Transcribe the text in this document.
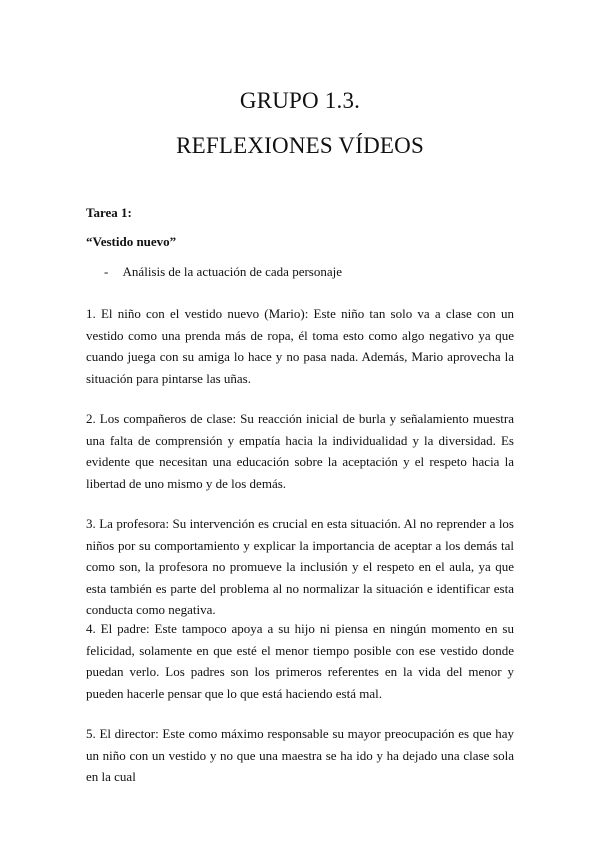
GRUPO 1.3.
REFLEXIONES VÍDEOS
Tarea 1:
“Vestido nuevo”
- Análisis de la actuación de cada personaje

1. El niño con el vestido nuevo (Mario): Este niño tan solo va a clase con un vestido como una prenda más de ropa, él toma esto como algo negativo ya que cuando juega con su amiga lo hace y no pasa nada. Además, Mario aprovecha la situación para pintarse las uñas.

2. Los compañeros de clase: Su reacción inicial de burla y señalamiento muestra una falta de comprensión y empatía hacia la individualidad y la diversidad. Es evidente que necesitan una educación sobre la aceptación y el respeto hacia la libertad de uno mismo y de los demás.

3. La profesora: Su intervención es crucial en esta situación. Al no reprender a los niños por su comportamiento y explicar la importancia de aceptar a los demás tal como son, la profesora no promueve la inclusión y el respeto en el aula, ya que esta también es parte del problema al no normalizar la situación e identificar esta conducta como negativa.

4. El padre: Este tampoco apoya a su hijo ni piensa en ningún momento en su felicidad, solamente en que esté el menor tiempo posible con ese vestido donde puedan verlo. Los padres son los primeros referentes en la vida del menor y pueden hacerle pensar que lo que está haciendo está mal.

5. El director: Este como máximo responsable su mayor preocupación es que hay un niño con un vestido y no que una maestra se ha ido y ha dejado una clase sola en la cual
